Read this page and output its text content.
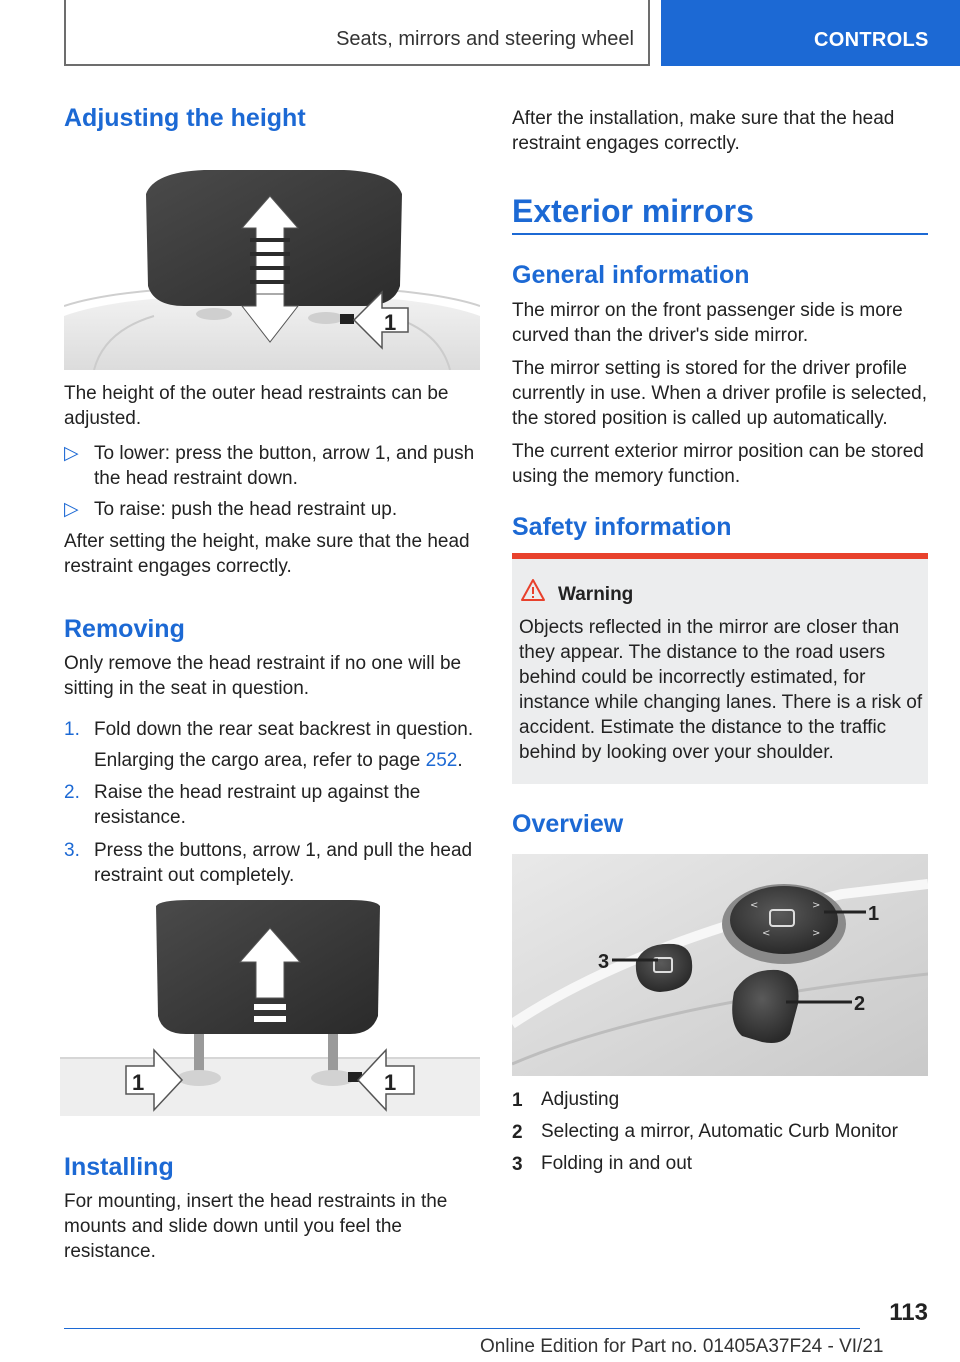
Seats, mirrors and steering wheel	CONTROLS
Adjusting the height
1
The height of the outer head restraints can be adjusted.
▷ To lower: press the button, arrow 1, and push the head restraint down.
▷ To raise: push the head restraint up.
After setting the height, make sure that the head restraint engages correctly.
Removing
Only remove the head restraint if no one will be sitting in the seat in question.
1. Fold down the rear seat backrest in question.
Enlarging the cargo area, refer to page 252.
2. Raise the head restraint up against the resistance.
3. Press the buttons, arrow 1, and pull the head restraint out completely.
1	1
Installing
For mounting, insert the head restraints in the mounts and slide down until you feel the resistance.
After the installation, make sure that the head restraint engages correctly.
Exterior mirrors
General information
The mirror on the front passenger side is more curved than the driver's side mirror.
The mirror setting is stored for the driver profile currently in use. When a driver profile is selected, the stored position is called up automatically.
The current exterior mirror position can be stored using the memory function.
Safety information
Warning
Objects reflected in the mirror are closer than they appear. The distance to the road users behind could be incorrectly estimated, for instance while changing lanes. There is a risk of accident. Estimate the distance to the traffic behind by looking over your shoulder.
Overview
<	>
<	>
1
2
3
1 Adjusting
2 Selecting a mirror, Automatic Curb Monitor
3 Folding in and out
113
Online Edition for Part no. 01405A37F24 - VI/21
